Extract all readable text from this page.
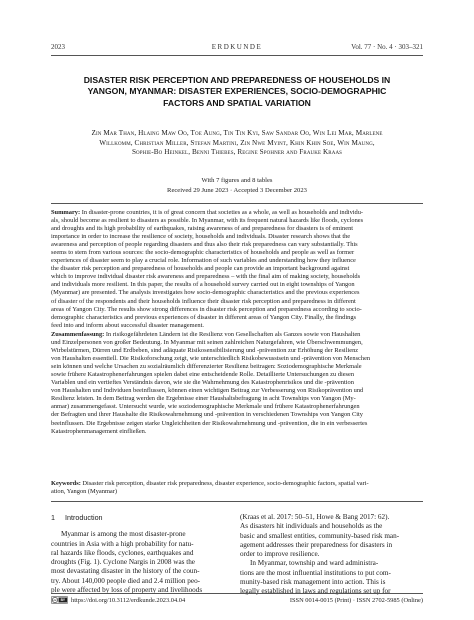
2023	ERDKUNDE	Vol. 77 · No. 4 · 303–321
DISASTER RISK PERCEPTION AND PREPAREDNESS OF HOUSEHOLDS IN
YANGON, MYANMAR: DISASTER EXPERIENCES, SOCIO-DEMOGRAPHIC
FACTORS AND SPATIAL VARIATION
Zin Mar Than, Hlaing Maw Oo, Toe Aung, Tin Tin Kyi, Saw Sandar Oo, Win Lei Mar, Marlene
Willkomm, Christian Miller, Stefan Martini, Zin Nwe Myint, Khin Khin Soe, Win Maung,
Sophie-Bo Heinkel, Benni Thiebes, Regine Spohner and Frauke Kraas
With 7 figures and 8 tables
Received 29 June 2023 · Accepted 3 December 2023
Summary: In disaster-prone countries, it is of great concern that societies as a whole, as well as households and individu-
als, should become as resilient to disasters as possible. In Myanmar, with its frequent natural hazards like floods, cyclones
and droughts and its high probability of earthquakes, raising awareness of and preparedness for disasters is of eminent
importance in order to increase the resilience of society, households and individuals. Disaster research shows that the
awareness and perception of people regarding disasters and thus also their risk preparedness can vary substantially. This
seems to stem from various sources: the socio-demographic characteristics of households and people as well as former
experiences of disaster seem to play a crucial role. Information of such variables and understanding how they influence
the disaster risk perception and preparedness of households and people can provide an important background against
which to improve individual disaster risk awareness and preparedness – with the final aim of making society, households
and individuals more resilient. In this paper, the results of a household survey carried out in eight townships of Yangon
(Myanmar) are presented. The analysis investigates how socio-demographic characteristics and the previous experiences
of disaster of the respondents and their households influence their disaster risk perception and preparedness in different
areas of Yangon City. The results show strong differences in disaster risk perception and preparedness according to socio-
demographic characteristics and previous experiences of disaster in different areas of Yangon City. Finally, the findings
feed into and inform about successful disaster management.
Zusammenfassung: In risikogefährdeten Ländern ist die Resilienz von Gesellschaften als Ganzes sowie von Haushalten
und Einzelpersonen von großer Bedeutung. In Myanmar mit seinen zahlreichen Naturgefahren, wie Überschwemmungen,
Wirbelstürmen, Dürren und Erdbeben, sind adäquate Risikosensibilisierung und -prävention zur Erhöhung der Resilienz
von Haushalten essentiell. Die Risikoforschung zeigt, wie unterschiedlich Risikobewusstsein und -prävention von Menschen
sein können und welche Ursachen zu sozialräumlich differenzierter Resilienz beitragen: Soziodemographische Merkmale
sowie frühere Katastrophenerfahrungen spielen dabei eine entscheidende Rolle. Detaillierte Untersuchungen zu diesen
Variablen und ein vertieftes Verständnis davon, wie sie die Wahrnehmung des Katastrophenrisikos und die -prävention
von Haushalten und Individuen beeinflussen, können einen wichtigen Beitrag zur Verbesserung von Risikoprävention und
Resilienz leisten. In dem Beitrag werden die Ergebnisse einer Haushaltsbefragung in acht Townships von Yangon (My-
anmar) zusammengefasst. Untersucht wurde, wie soziodemographische Merkmale und frühere Katastrophenerfahrungen
der Befragten und ihrer Haushalte die Risikowahrnehmung und -prävention in verschiedenen Townships von Yangon City
beeinflussen. Die Ergebnisse zeigen starke Ungleichheiten der Risikowahrnehmung und -prävention, die in ein verbessertes
Katastrophenmanagement einfließen.
Keywords: Disaster risk perception, disaster risk preparedness, disaster experience, socio-demographic factors, spatial vari-
ation, Yangon (Myanmar)
1 Introduction
Myanmar is among the most disaster-prone
countries in Asia with a high probability for natu-
ral hazards like floods, cyclones, earthquakes and
droughts (Fig. 1). Cyclone Nargis in 2008 was the
most devastating disaster in the history of the coun-
try. About 140,000 people died and 2.4 million peo-
ple were affected by loss of property and livelihoods
(Kraas et al. 2017: 50–51, Howe & Bang 2017: 62).
As disasters hit individuals and households as the
basic and smallest entities, community-based risk man-
agement addresses their preparedness for disasters in
order to improve resilience.
In Myanmar, township and ward administra-
tions are the most influential institutions to put com-
munity-based risk management into action. This is
legally established in laws and regulations set up for
cc BY https://doi.org/10.3112/erdkunde.2023.04.04	ISSN 0014-0015 (Print) · ISSN 2702-5985 (Online)
